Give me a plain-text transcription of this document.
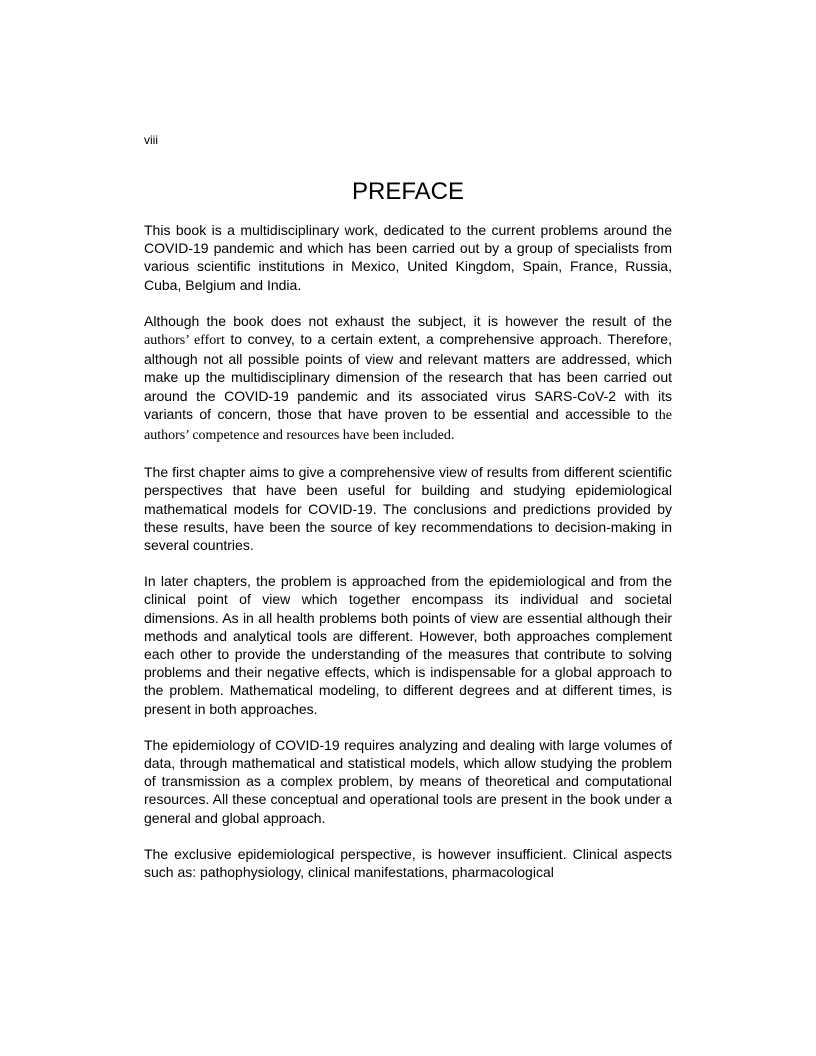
viii
PREFACE

This book is a multidisciplinary work, dedicated to the current problems around the COVID-19 pandemic and which has been carried out by a group of specialists from various scientific institutions in Mexico, United Kingdom, Spain, France, Russia, Cuba, Belgium and India.

Although the book does not exhaust the subject, it is however the result of the authors’ effort to convey, to a certain extent, a comprehensive approach. Therefore, although not all possible points of view and relevant matters are addressed, which make up the multidisciplinary dimension of the research that has been carried out around the COVID-19 pandemic and its associated virus SARS-CoV-2 with its variants of concern, those that have proven to be essential and accessible to the authors’ competence and resources have been included.

The first chapter aims to give a comprehensive view of results from different scientific perspectives that have been useful for building and studying epidemiological mathematical models for COVID-19. The conclusions and predictions provided by these results, have been the source of key recommendations to decision-making in several countries.

In later chapters, the problem is approached from the epidemiological and from the clinical point of view which together encompass its individual and societal dimensions. As in all health problems both points of view are essential although their methods and analytical tools are different. However, both approaches complement each other to provide the understanding of the measures that contribute to solving problems and their negative effects, which is indispensable for a global approach to the problem. Mathematical modeling, to different degrees and at different times, is present in both approaches.

The epidemiology of COVID-19 requires analyzing and dealing with large volumes of data, through mathematical and statistical models, which allow studying the problem of transmission as a complex problem, by means of theoretical and computational resources. All these conceptual and operational tools are present in the book under a general and global approach.

The exclusive epidemiological perspective, is however insufficient. Clinical aspects such as: pathophysiology, clinical manifestations, pharmacological
